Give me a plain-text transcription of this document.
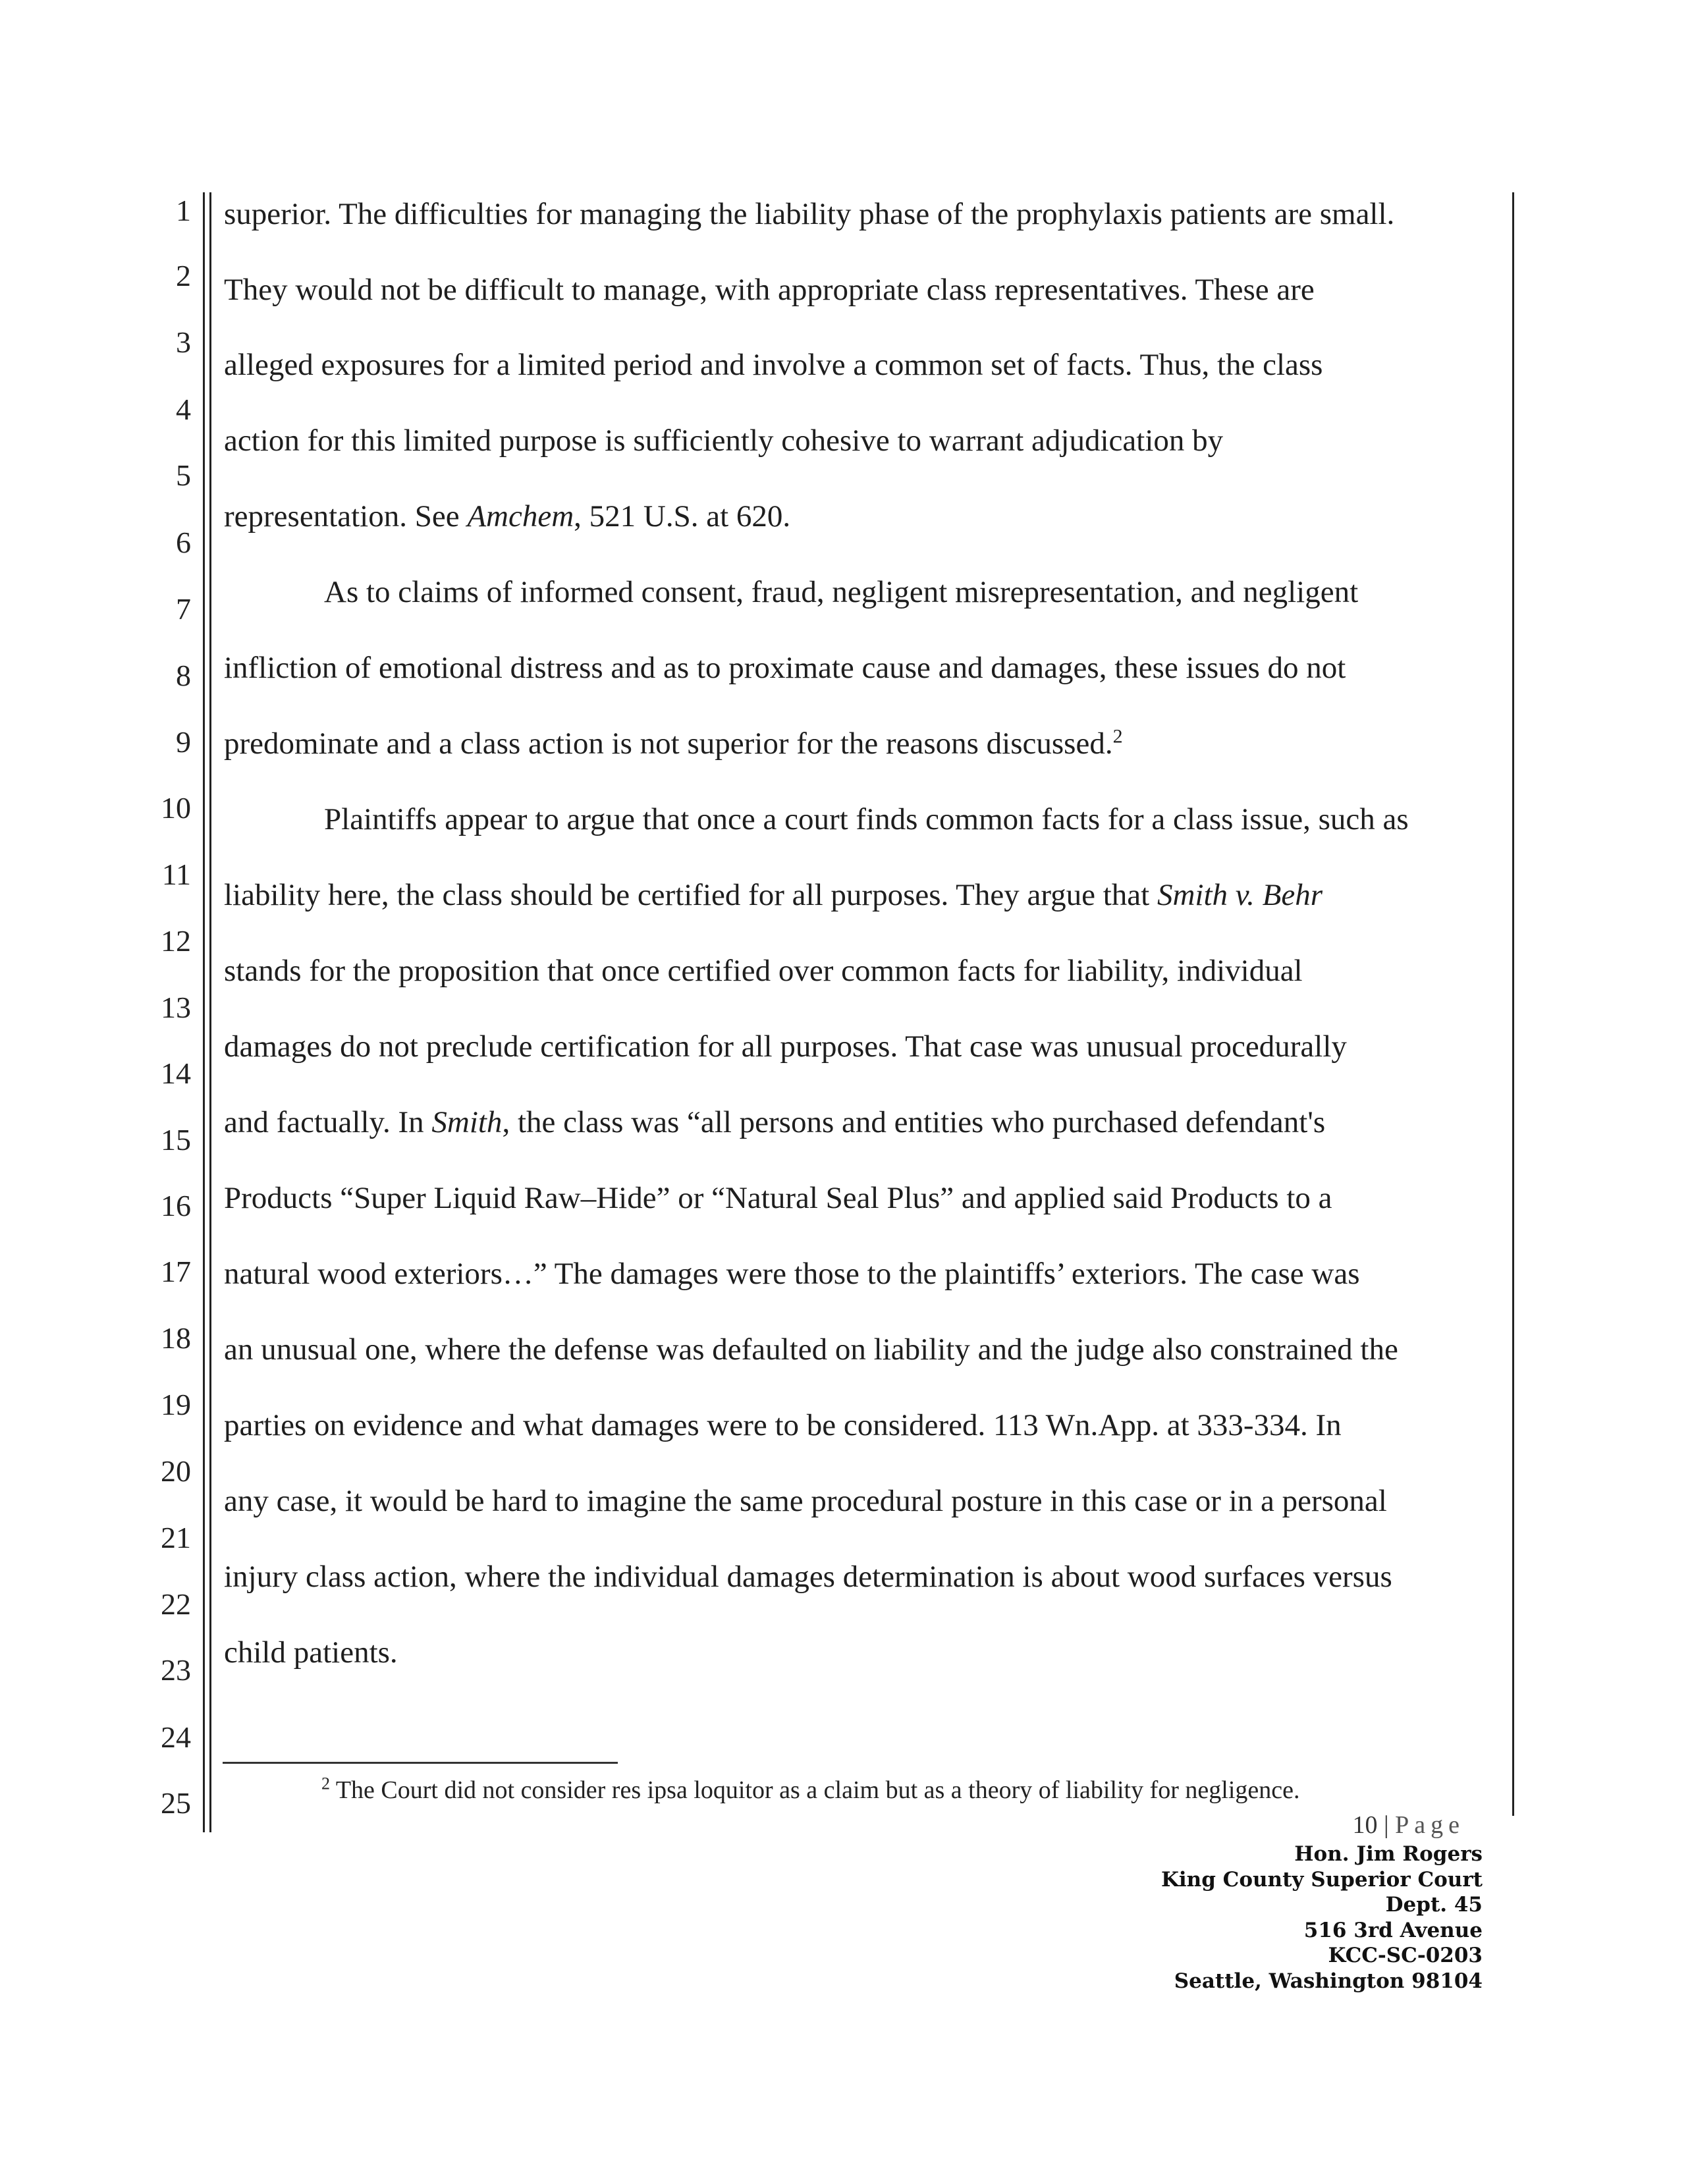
1
2
3
4
5
6
7
8
9
10
11
12
13
14
15
16
17
18
19
20
21
22
23
24
25
superior. The difficulties for managing the liability phase of the prophylaxis patients are small.
They would not be difficult to manage, with appropriate class representatives. These are
alleged exposures for a limited period and involve a common set of facts. Thus, the class
action for this limited purpose is sufficiently cohesive to warrant adjudication by
representation. See Amchem, 521 U.S. at 620.
As to claims of informed consent, fraud, negligent misrepresentation, and negligent
infliction of emotional distress and as to proximate cause and damages, these issues do not
predominate and a class action is not superior for the reasons discussed.$^2$
Plaintiffs appear to argue that once a court finds common facts for a class issue, such as
liability here, the class should be certified for all purposes. They argue that Smith v. Behr
stands for the proposition that once certified over common facts for liability, individual
damages do not preclude certification for all purposes. That case was unusual procedurally
and factually. In Smith, the class was “all persons and entities who purchased defendant's
Products “Super Liquid Raw–Hide” or “Natural Seal Plus” and applied said Products to a
natural wood exteriors…” The damages were those to the plaintiffs’ exteriors. The case was
an unusual one, where the defense was defaulted on liability and the judge also constrained the
parties on evidence and what damages were to be considered. 113 Wn.App. at 333-334. In
any case, it would be hard to imagine the same procedural posture in this case or in a personal
injury class action, where the individual damages determination is about wood surfaces versus
child patients.
$^2$ The Court did not consider res ipsa loquitor as a claim but as a theory of liability for negligence.
10 | Page
Hon. Jim Rogers
King County Superior Court
Dept. 45
516 3rd Avenue
KCC-SC-0203
Seattle, Washington 98104
